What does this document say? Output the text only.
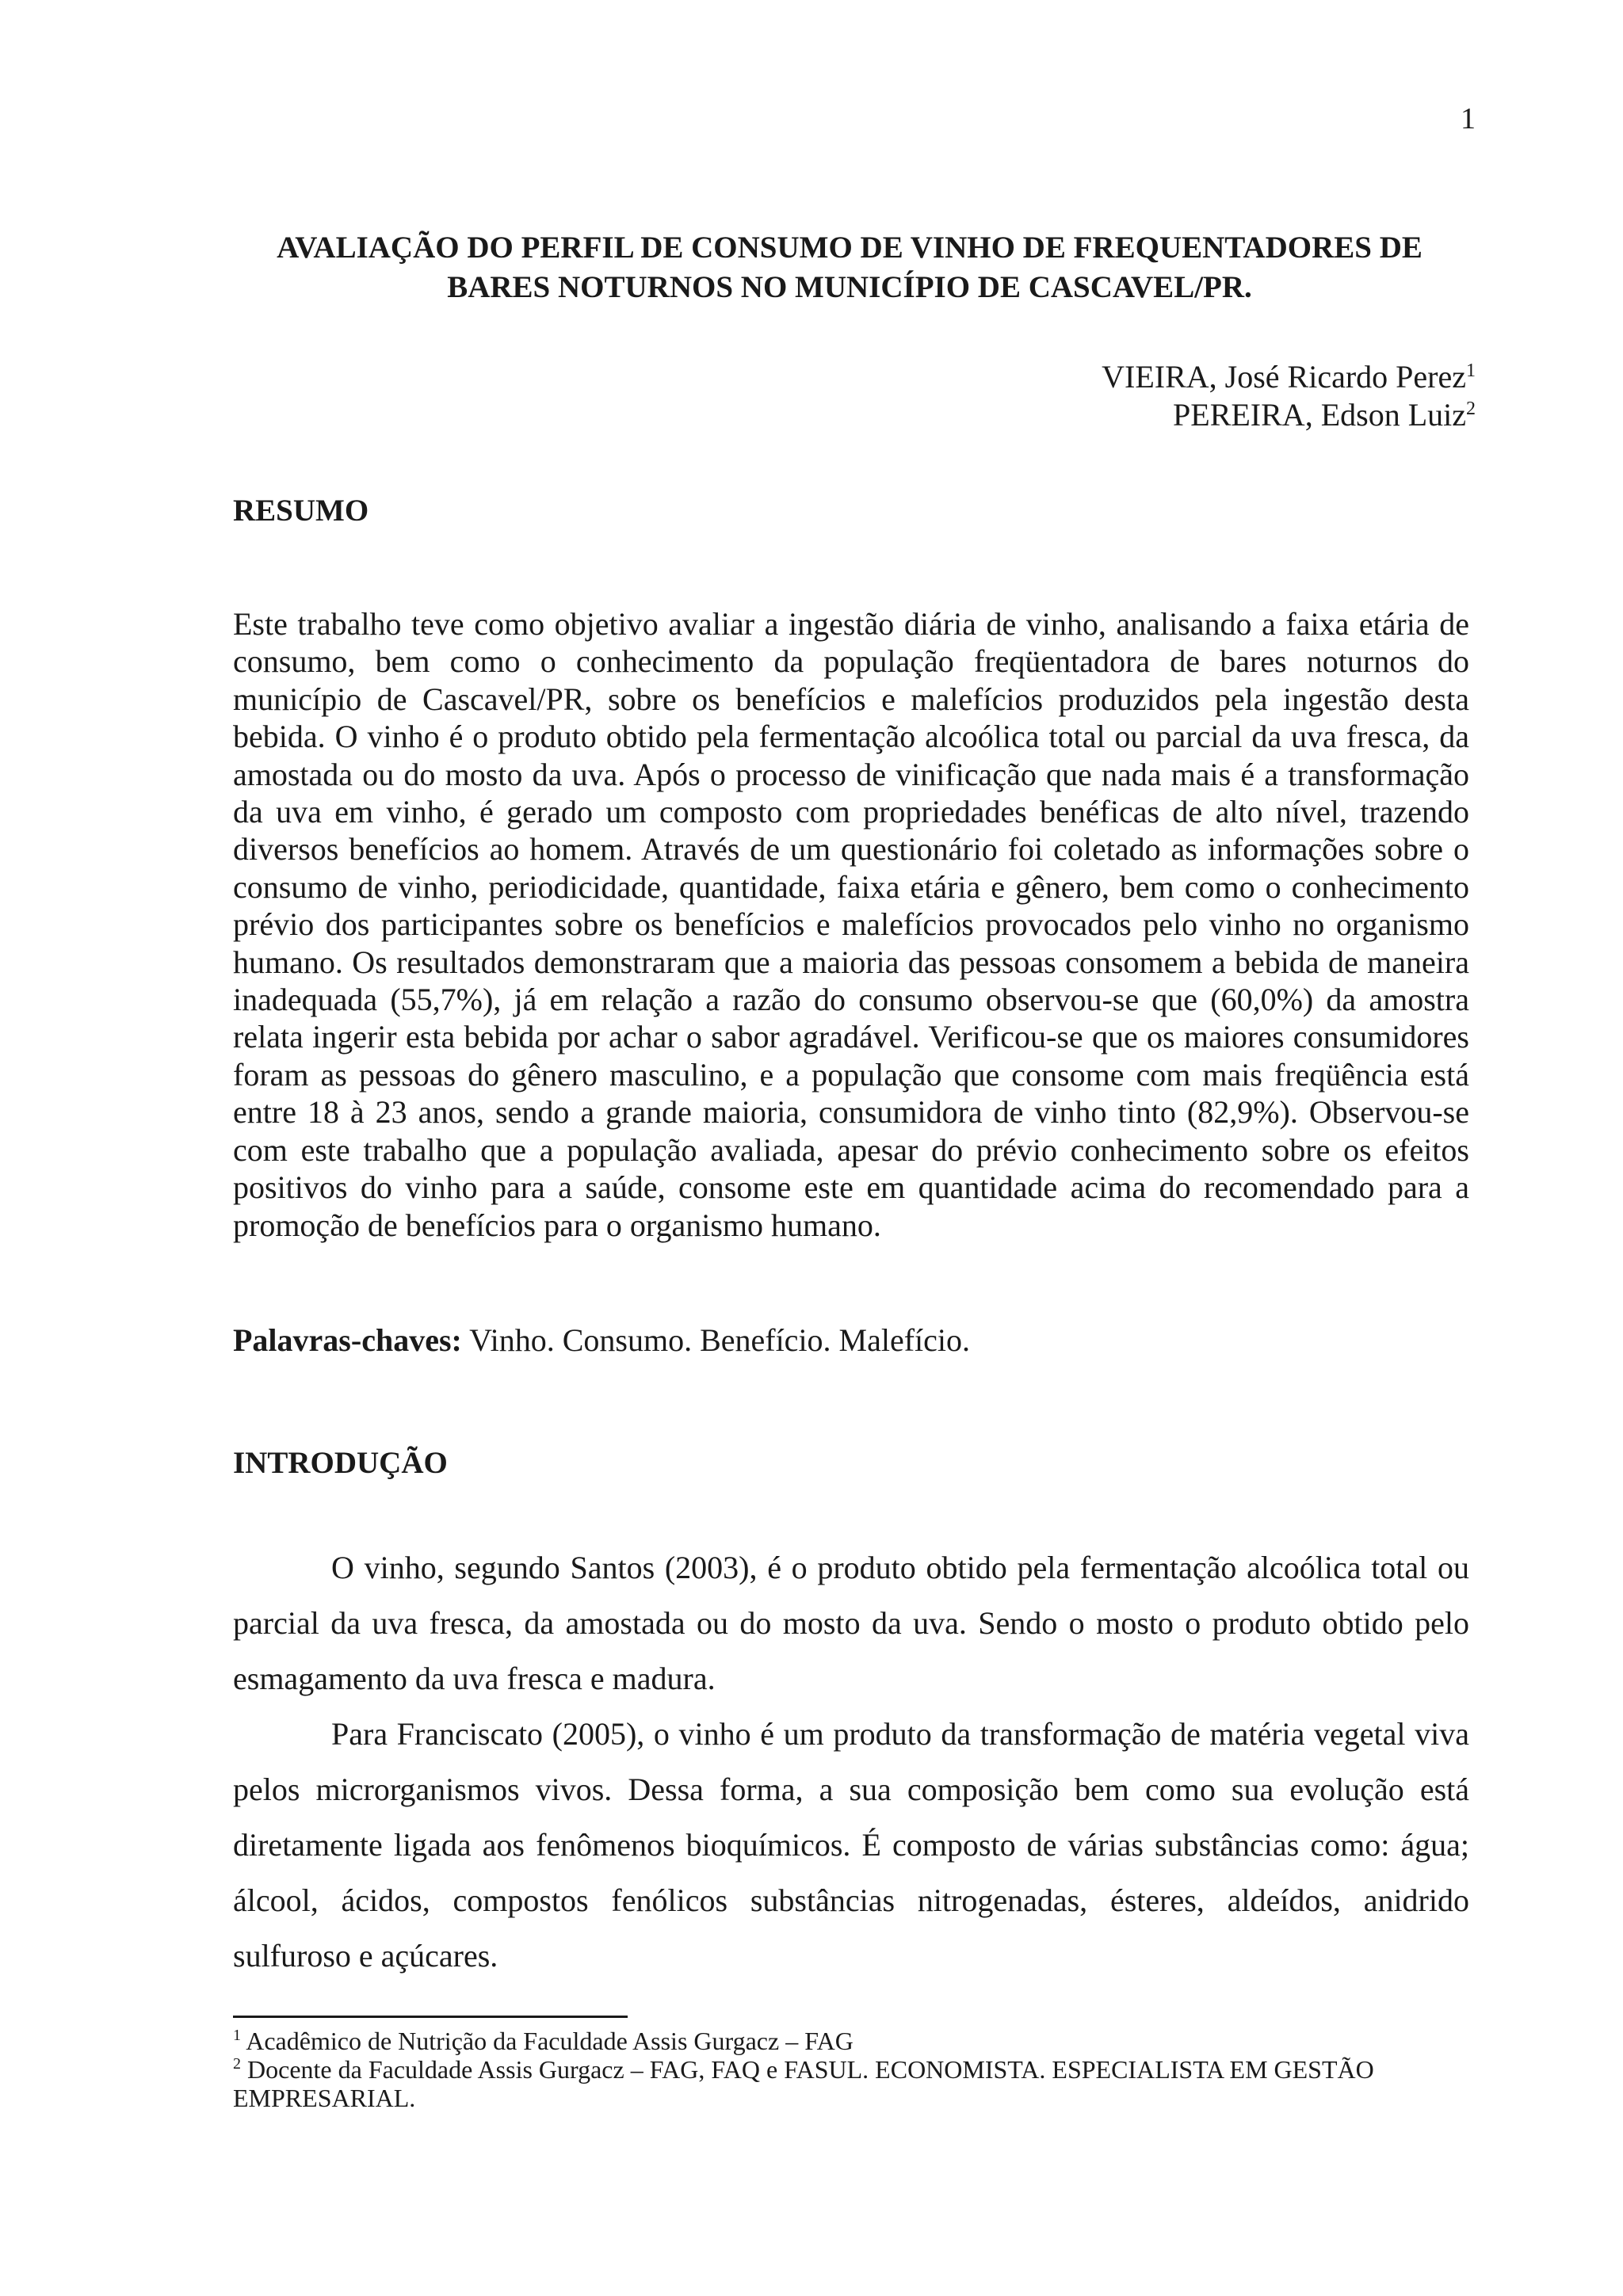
1
AVALIAÇÃO DO PERFIL DE CONSUMO DE VINHO DE FREQUENTADORES DE
BARES NOTURNOS NO MUNICÍPIO DE CASCAVEL/PR.
VIEIRA, José Ricardo Perez$^1$
PEREIRA, Edson Luiz$^2$
RESUMO

Este trabalho teve como objetivo avaliar a ingestão diária de vinho, analisando a faixa etária de consumo, bem como o conhecimento da população freqüentadora de bares noturnos do município de Cascavel/PR, sobre os benefícios e malefícios produzidos pela ingestão desta bebida. O vinho é o produto obtido pela fermentação alcoólica total ou parcial da uva fresca, da amostada ou do mosto da uva. Após o processo de vinificação que nada mais é a transformação da uva em vinho, é gerado um composto com propriedades benéficas de alto nível, trazendo diversos benefícios ao homem. Através de um questionário foi coletado as informações sobre o consumo de vinho, periodicidade, quantidade, faixa etária e gênero, bem como o conhecimento prévio dos participantes sobre os benefícios e malefícios provocados pelo vinho no organismo humano. Os resultados demonstraram que a maioria das pessoas consomem a bebida de maneira inadequada (55,7%), já em relação a razão do consumo observou-se que (60,0%) da amostra relata ingerir esta bebida por achar o sabor agradável. Verificou-se que os maiores consumidores foram as pessoas do gênero masculino, e a população que consome com mais freqüência está entre 18 à 23 anos, sendo a grande maioria, consumidora de vinho tinto (82,9%). Observou-se com este trabalho que a população avaliada, apesar do prévio conhecimento sobre os efeitos positivos do vinho para a saúde, consome este em quantidade acima do recomendado para a promoção de benefícios para o organismo humano.

Palavras-chaves: Vinho. Consumo. Benefício. Malefício.

INTRODUÇÃO

O vinho, segundo Santos (2003), é o produto obtido pela fermentação alcoólica total ou parcial da uva fresca, da amostada ou do mosto da uva. Sendo o mosto o produto obtido pelo esmagamento da uva fresca e madura.

Para Franciscato (2005), o vinho é um produto da transformação de matéria vegetal viva pelos microrganismos vivos. Dessa forma, a sua composição bem como sua evolução está diretamente ligada aos fenômenos bioquímicos. É composto de várias substâncias como: água; álcool, ácidos, compostos fenólicos substâncias nitrogenadas, ésteres, aldeídos, anidrido sulfuroso e açúcares.

$^1$ Acadêmico de Nutrição da Faculdade Assis Gurgacz – FAG

$^2$ Docente da Faculdade Assis Gurgacz – FAG, FAQ e FASUL. ECONOMISTA. ESPECIALISTA EM GESTÃO EMPRESARIAL.
